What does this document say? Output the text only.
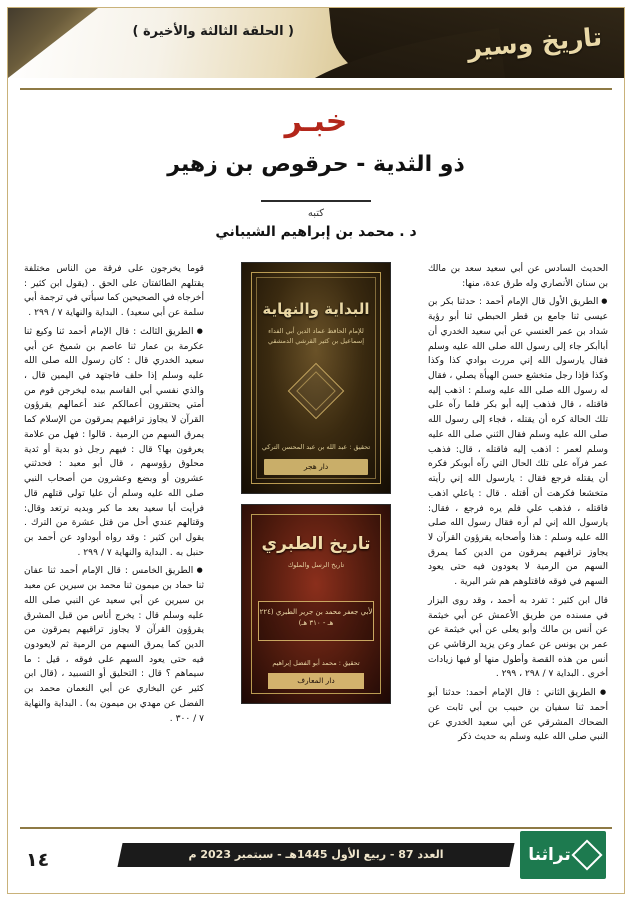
تاريخ وسير
( الحلقة الثالثة والأخيرة )
خبـر
ذو الثدية - حرقوص بن زهير
كتبه
د . محمد بن إبراهيم الشيباني

الحديث السادس عن أبي سعيد سعد بن مالك بن سنان الأنصاري وله طرق عدة، منها:

● الطريق الأول قال الإمام أحمد : حدثنا بكر بن عيسى ثنا جامع بن قطر الحبطي ثنا أبو رؤية شداد بن عمر العنسي عن أبي سعيد الخدري أن أباأبكر جاء إلى رسول الله صلى الله عليه وسلم فقال يارسول الله إني مررت بوادي كذا وكذا وكذا فإذا رجل متخشع حسن الهيأة يصلي ، فقال له رسول الله صلى الله عليه وسلم : اذهب إليه فاقتله ، قال فذهب إليه أبو بكر فلما رآه على تلك الحالة كره أن يقتله ، فجاء إلى رسول الله صلى الله عليه وسلم فقال الثني صلى الله عليه وسلم لعمر : اذهب إليه فاقتله ، قال: فذهب عمر فرآه على تلك الحال التي رآه أبوبكر فكره أن يقتله فرجع فقال : يارسول الله إني رأيته متخشعا فكرهت أن أقتله . قال : ياعلي اذهب فاقتله ، فذهب علي فلم يره فرجع ، فقال: يارسول الله إني لم أره فقال رسول الله صلى الله عليه وسلم : هذا وأصحابه يقرؤون القرآن لا يجاوز تراقيهم يمرقون من الدين كما يمرق السهم من الرمية لا يعودون فيه حتى يعود السهم في فوقه فاقتلوهم هم شر البرية .

قال ابن كثير : تفرد به أحمد ، وقد روى البزار في مسنده من طريق الأعمش عن أبي خيثمة عن أنس بن مالك وأبو يعلى عن أبي خيثمة عن عمر بن يونس عن عمار وعن يزيد الرقاشي عن أنس من هذه القصة وأطول منها أو فيها زيادات أخرى . البداية ٧ / ٢٩٨ ، ٢٩٩ .

● الطريق الثاني : قال الإمام أحمد: حدثنا أبو أحمد ثنا سفيان بن حبيب بن أبي ثابت عن الضحاك المشرقي عن أبي سعيد الخدري عن النبي صلى الله عليه وسلم به حديث ذكر

البداية والنهاية
للإمام الحافظ عماد الدين أبي الفداء إسماعيل بن كثير القرشي الدمشقي
تحقيق : عبد الله بن عبد المحسن التركي
دار هجر
تاريخ الطبري
تاريخ الرسل والملوك
لأبي جعفر محمد بن جرير الطبري (٢٢٤ هـ - ٣١٠ هـ)
تحقيق : محمد أبو الفضل إبراهيم
دار المعارف

قوما يخرجون على فرقة من الناس مختلفة يقتلهم الطائفتان على الحق . (يقول ابن كثير : أخرجاه في الصحيحين كما سيأتي في ترجمة أبي سلمة عن أبي سعيد) . البداية والنهاية ٧ / ٢٩٩ .

● الطريق الثالث : قال الإمام أحمد ثنا وكيع ثنا عكرمة بن عمار ثنا عاصم بن شميخ عن أبي سعيد الخدري قال : كان رسول الله صلى الله عليه وسلم إذا حلف فاجتهد في اليمين قال ، والذي نفسي أبي القاسم بيده ليخرجن قوم من أمتي يحتقرون أعمالكم عند أعمالهم يقرؤون القرآن لا يجاوز تراقيهم يمرقون من الإسلام كما يمرق السهم من الرمية . قالوا : فهل من علامة يعرفون بها؟ قال : فيهم رجل ذو بدية أو ثدية محلوق رؤوسهم ، قال أبو معبد : فحدثني عشرون أو وبضع وعشرون من أصحاب النبي صلى الله عليه وسلم أن عليا تولى قتلهم قال فرأيت أبا سعيد بعد ما كبر وبديه ترتعد وقال: وقتالهم عندي أحل من قتل عشرة من الترك . يقول ابن كثير : وقد رواه أبوداود عن أحمد بن حنبل به . البداية والنهاية ٧ / ٢٩٩ .

● الطريق الخامس : قال الإمام أحمد ثنا عفان ثنا حماد بن ميمون ثنا محمد بن سيرين عن معبد بن سيرين عن أبي سعيد عن النبي صلى الله عليه وسلم قال : يخرج أناس من قبل المشرق يقرؤون القرآن لا يجاوز تراقيهم يمرقون من الدين كما يمرق السهم من الرمية ثم لايعودون فيه حتى يعود السهم على فوقه ، قيل : ما سيماهم ؟ قال : التحليق أو التسبيد ، (قال ابن كثير عن البخاري عن أبي النعمان محمد بن الفضل عن مهدي بن ميمون به) . البداية والنهاية ٧ / ٣٠٠ .

العدد 87 - ربيع الأول 1445هـ - سبتمبر 2023 م	تراثنا
١٤
